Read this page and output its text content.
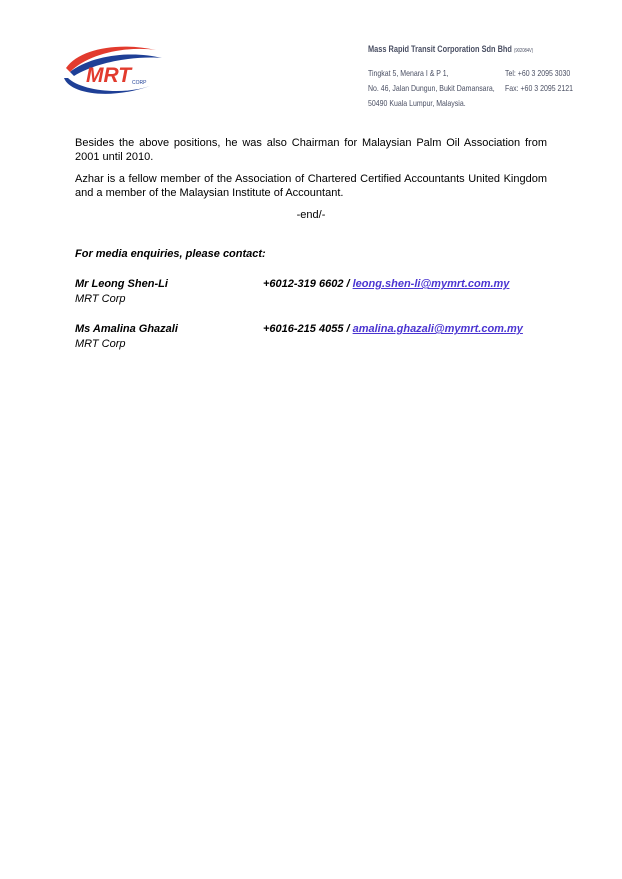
MRT CORP
Mass Rapid Transit Corporation Sdn Bhd (902084V)
Tingkat 5, Menara I & P 1,
No. 46, Jalan Dungun, Bukit Damansara,
50490 Kuala Lumpur, Malaysia.
Tel: +60 3 2095 3030
Fax: +60 3 2095 2121

Besides the above positions, he was also Chairman for Malaysian Palm Oil Association from 2001 until 2010.

Azhar is a fellow member of the Association of Chartered Certified Accountants United Kingdom and a member of the Malaysian Institute of Accountant.

-end/-

For media enquiries, please contact:
Mr Leong Shen-Li	+6012-319 6602 / leong.shen-li@mymrt.com.my
MRT Corp
Ms Amalina Ghazali	+6016-215 4055 / amalina.ghazali@mymrt.com.my
MRT Corp
